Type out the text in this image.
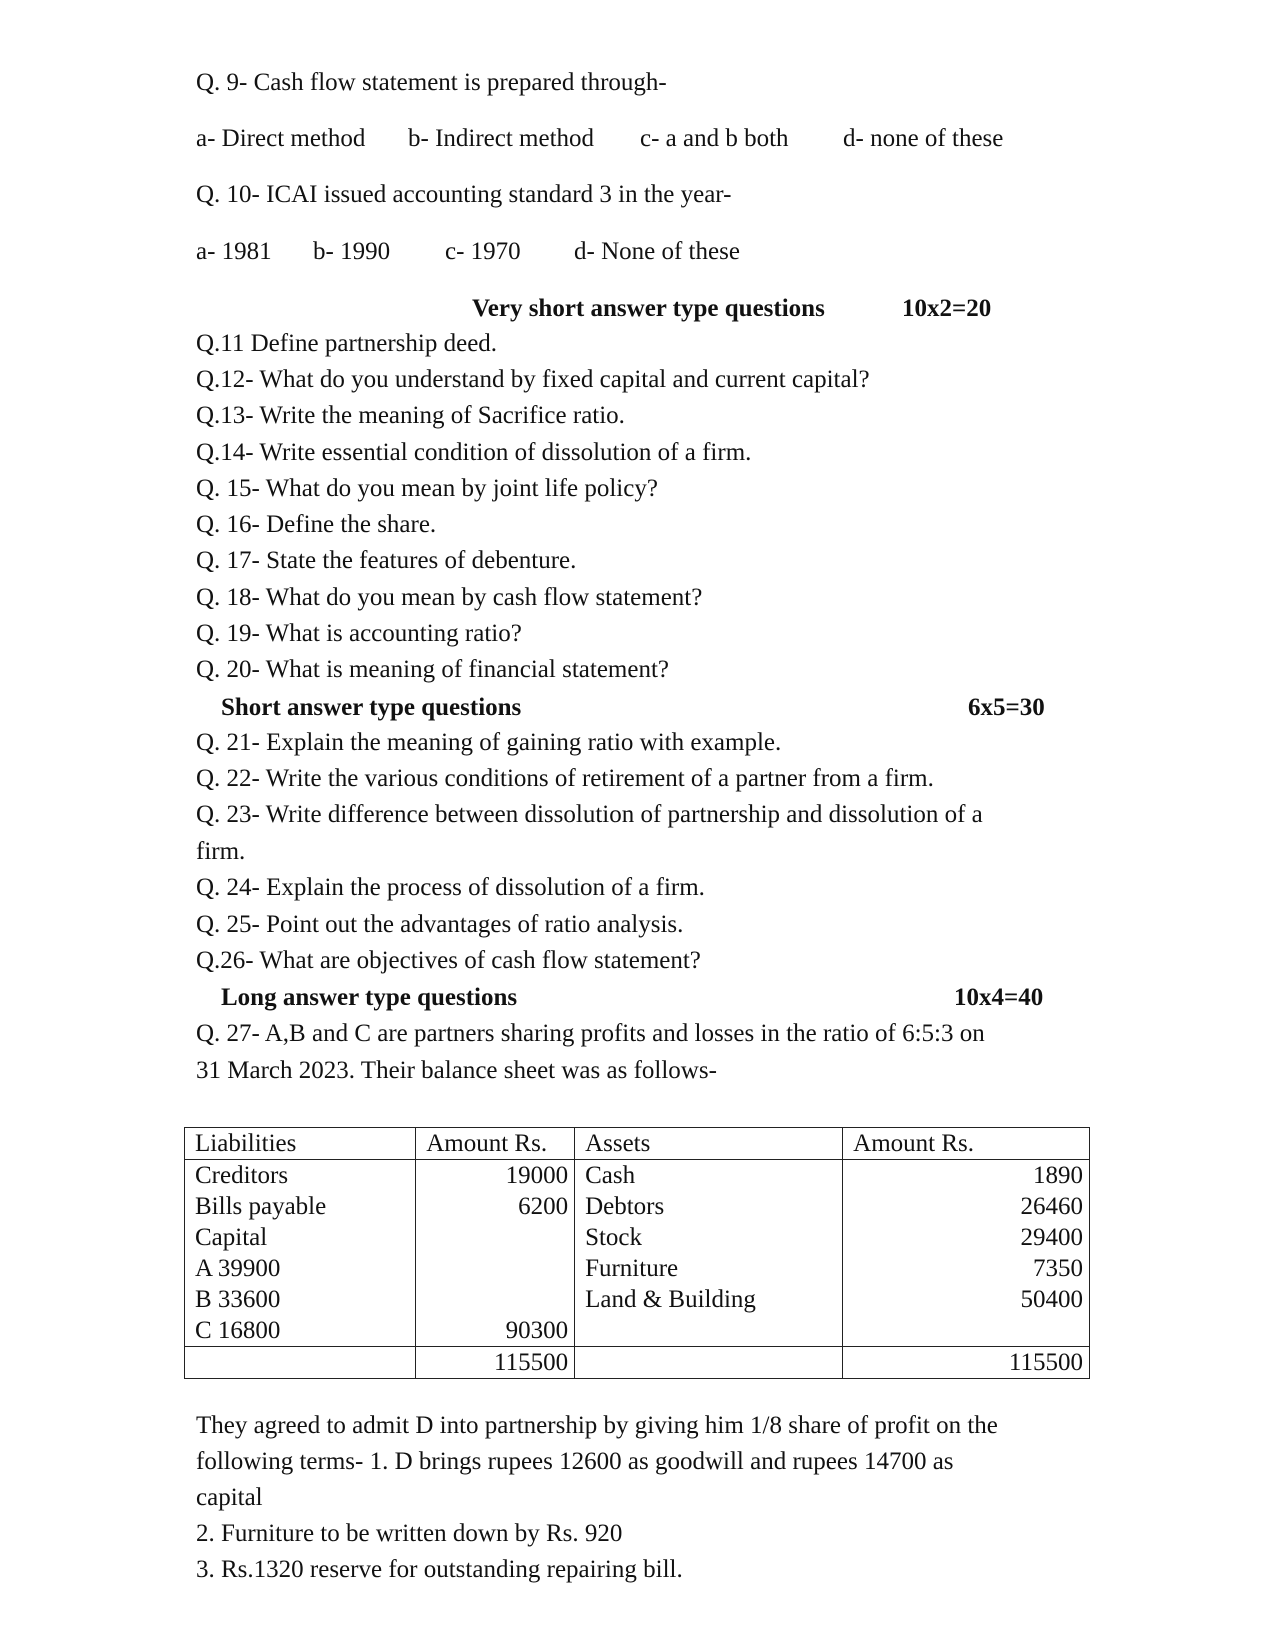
Q. 9- Cash flow statement is prepared through-
a- Direct method b- Indirect method c- a and b both d- none of these
Q. 10- ICAI issued accounting standard 3 in the year-
a- 1981 b- 1990 c- 1970 d- None of these
Very short answer type questions	10x2=20
Q.11 Define partnership deed.
Q.12- What do you understand by fixed capital and current capital?
Q.13- Write the meaning of Sacrifice ratio.
Q.14- Write essential condition of dissolution of a firm.
Q. 15- What do you mean by joint life policy?
Q. 16- Define the share.
Q. 17- State the features of debenture.
Q. 18- What do you mean by cash flow statement?
Q. 19- What is accounting ratio?
Q. 20- What is meaning of financial statement?
Short answer type questions	6x5=30
Q. 21- Explain the meaning of gaining ratio with example.
Q. 22- Write the various conditions of retirement of a partner from a firm.
Q. 23- Write difference between dissolution of partnership and dissolution of a
firm.
Q. 24- Explain the process of dissolution of a firm.
Q. 25- Point out the advantages of ratio analysis.
Q.26- What are objectives of cash flow statement?
Long answer type questions	10x4=40
Q. 27- A,B and C are partners sharing profits and losses in the ratio of 6:5:3 on
31 March 2023. Their balance sheet was as follows-
Liabilities	Amount Rs.	Assets	Amount Rs.
Creditors	19000	Cash	1890
Bills payable	6200	Debtors	26460
Capital		Stock	29400
A 39900		Furniture	7350
B 33600		Land & Building	50400
C 16800	90300		
	115500		115500
They agreed to admit D into partnership by giving him 1/8 share of profit on the
following terms- 1. D brings rupees 12600 as goodwill and rupees 14700 as
capital
2. Furniture to be written down by Rs. 920
3. Rs.1320 reserve for outstanding repairing bill.
